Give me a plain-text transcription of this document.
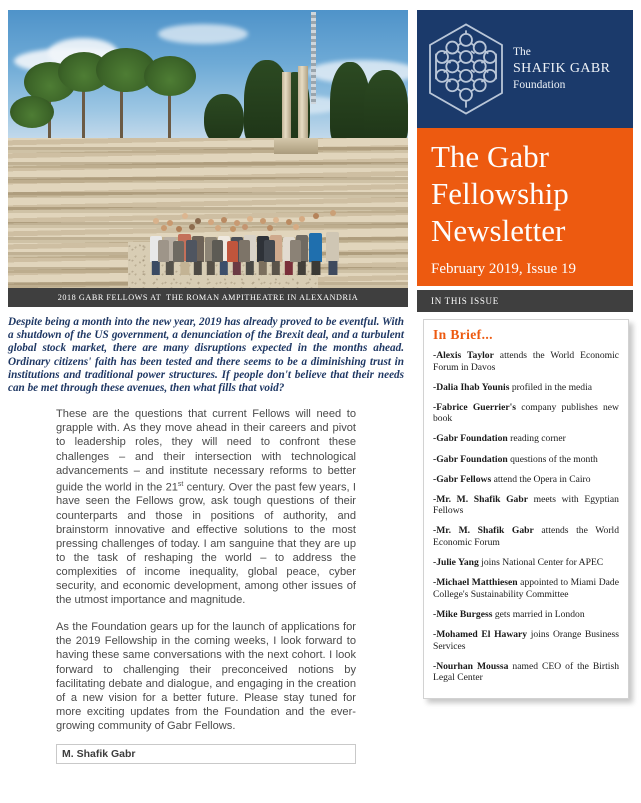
2018 GABR FELLOWS AT  THE ROMAN AMPITHEATRE IN ALEXANDRIA
Despite being a month into the new year, 2019 has already proved to be eventful. With a shutdown of the US government, a denunciation of the Brexit deal, and a turbulent global stock market, there are many disruptions expected in the months ahead. Ordinary citizens' faith has been tested and there seems to be a diminishing trust in institutions and traditional power structures. If people don't believe that their needs can be met through these avenues, then what fills that void?
These are the questions that current Fellows will need to grapple with. As they move ahead in their careers and pivot to leadership roles, they will need to confront these challenges – and their intersection with technological advancements – and institute necessary reforms to better guide the world in the 21st century. Over the past few years, I have seen the Fellows grow, ask tough questions of their counterparts and those in positions of authority, and brainstorm innovative and effective solutions to the most pressing challenges of today. I am sanguine that they are up to the task of reshaping the world – to address the complexities of income inequality, global peace, cyber security, and economic development, among other issues of the utmost importance and magnitude.
As the Foundation gears up for the launch of applications for the 2019 Fellowship in the coming weeks, I look forward to having these same conversations with the next cohort. I look forward to challenging their preconceived notions by facilitating debate and dialogue, and engaging in the creation of a new vision for a better future. Please stay tuned for more exciting updates from the Foundation and the ever-growing community of Gabr Fellows.
M. Shafik Gabr
The
SHAFIK GABR
Foundation
The Gabr
Fellowship
Newsletter
February 2019, Issue 19
IN THIS ISSUE
In Brief...
-Alexis Taylor attends the World Economic Forum in Davos
-Dalia Ihab Younis profiled in the media
-Fabrice Guerrier's company publishes new book
-Gabr Foundation reading corner
-Gabr Foundation questions of the month
-Gabr Fellows attend the Opera in Cairo
-Mr. M. Shafik Gabr meets with Egyptian Fellows
-Mr. M. Shafik Gabr attends the World Economic Forum
-Julie Yang joins National Center for APEC
-Michael Matthiesen appointed to Miami Dade College's Sustainability Committee
-Mike Burgess gets married in London
-Mohamed El Hawary joins Orange Business Services
-Nourhan Moussa named CEO of the Birtish Legal Center
